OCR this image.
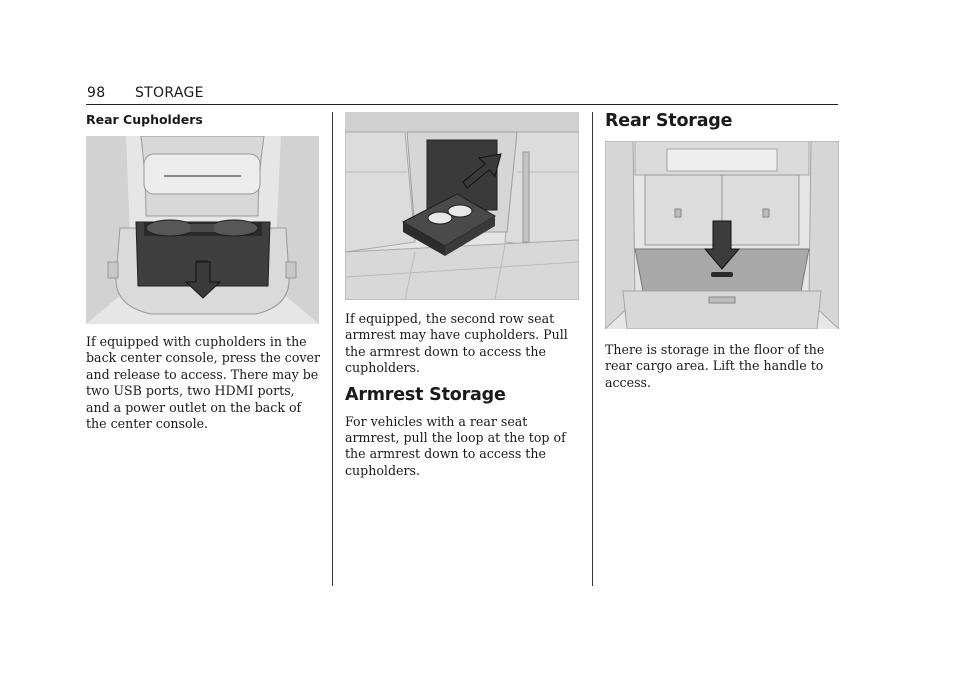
98 STORAGE
Rear Cupholders

If equipped with cupholders in the back center console, press the cover and release to access. There may be two USB ports, two HDMI ports, and a power outlet on the back of the center console.

If equipped, the second row seat armrest may have cupholders. Pull the armrest down to access the cupholders.

Armrest Storage

For vehicles with a rear seat armrest, pull the loop at the top of the armrest down to access the cupholders.

Rear Storage

There is storage in the floor of the rear cargo area. Lift the handle to access.
